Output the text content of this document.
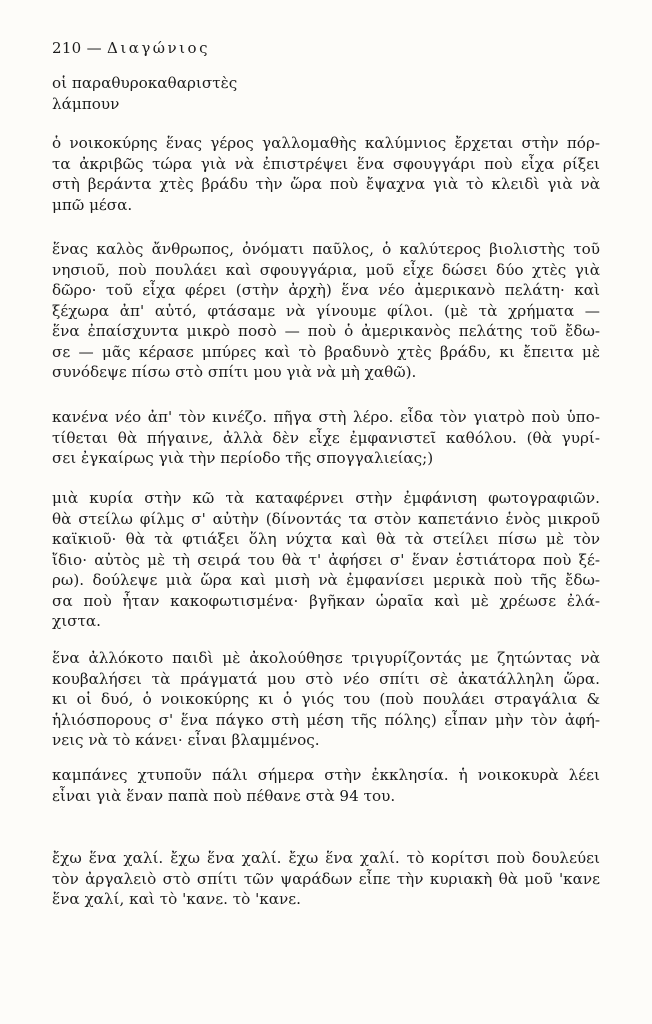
210 — Διαγώνιος
οἱ παραθυροκαθαριστὲς
λάμπουν
ὁ νοικοκύρης ἕνας γέρος γαλλομαθὴς καλύμνιος ἔρχεται στὴν πόρ-
τα ἀκριβῶς τώρα γιὰ νὰ ἐπιστρέψει ἕνα σφουγγάρι ποὺ εἶχα ρίξει
στὴ βεράντα χτὲς βράδυ τὴν ὥρα ποὺ ἔψαχνα γιὰ τὸ κλειδὶ γιὰ νὰ
μπῶ μέσα.
ἕνας καλὸς ἄνθρωπος, ὀνόματι παῦλος, ὁ καλύτερος βιολιστὴς τοῦ
νησιοῦ, ποὺ πουλάει καὶ σφουγγάρια, μοῦ εἶχε δώσει δύο χτὲς γιὰ
δῶρο· τοῦ εἶχα φέρει (στὴν ἀρχὴ) ἕνα νέο ἀμερικανὸ πελάτη· καὶ
ξέχωρα ἀπ' αὐτό, φτάσαμε νὰ γίνουμε φίλοι. (μὲ τὰ χρήματα —
ἕνα ἐπαίσχυντα μικρὸ ποσὸ — ποὺ ὁ ἀμερικανὸς πελάτης τοῦ ἔδω-
σε — μᾶς κέρασε μπύρες καὶ τὸ βραδυνὸ χτὲς βράδυ, κι ἔπειτα μὲ
συνόδεψε πίσω στὸ σπίτι μου γιὰ νὰ μὴ χαθῶ).
κανένα νέο ἀπ' τὸν κινέζο. πῆγα στὴ λέρο. εἶδα τὸν γιατρὸ ποὺ ὑπο-
τίθεται θὰ πήγαινε, ἀλλὰ δὲν εἶχε ἐμφανιστεῖ καθόλου. (θὰ γυρί-
σει ἐγκαίρως γιὰ τὴν περίοδο τῆς σπογγαλιείας;)
μιὰ κυρία στὴν κῶ τὰ καταφέρνει στὴν ἐμφάνιση φωτογραφιῶν.
θὰ στείλω φίλμς σ' αὐτὴν (δίνοντάς τα στὸν καπετάνιο ἑνὸς μικροῦ
καϊκιοῦ· θὰ τὰ φτιάξει ὅλη νύχτα καὶ θὰ τὰ στείλει πίσω μὲ τὸν
ἴδιο· αὐτὸς μὲ τὴ σειρά του θὰ τ' ἀφήσει σ' ἕναν ἑστιάτορα ποὺ ξέ-
ρω). δούλεψε μιὰ ὥρα καὶ μισὴ νὰ ἐμφανίσει μερικὰ ποὺ τῆς ἔδω-
σα ποὺ ἦταν κακοφωτισμένα· βγῆκαν ὡραῖα καὶ μὲ χρέωσε ἐλά-
χιστα.
ἕνα ἀλλόκοτο παιδὶ μὲ ἀκολούθησε τριγυρίζοντάς με ζητώντας νὰ
κουβαλήσει τὰ πράγματά μου στὸ νέο σπίτι σὲ ἀκατάλληλη ὥρα.
κι οἱ δυό, ὁ νοικοκύρης κι ὁ γιός του (ποὺ πουλάει στραγάλια &
ἡλιόσπορους σ' ἕνα πάγκο στὴ μέση τῆς πόλης) εἶπαν μὴν τὸν ἀφή-
νεις νὰ τὸ κάνει· εἶναι βλαμμένος.
καμπάνες χτυποῦν πάλι σήμερα στὴν ἐκκλησία. ἡ νοικοκυρὰ λέει
εἶναι γιὰ ἕναν παπὰ ποὺ πέθανε στὰ 94 του.
ἔχω ἕνα χαλί. ἔχω ἕνα χαλί. ἔχω ἕνα χαλί. τὸ κορίτσι ποὺ δουλεύει
τὸν ἀργαλειὸ στὸ σπίτι τῶν ψαράδων εἶπε τὴν κυριακὴ θὰ μοῦ 'κανε
ἕνα χαλί, καὶ τὸ 'κανε. τὸ 'κανε.
